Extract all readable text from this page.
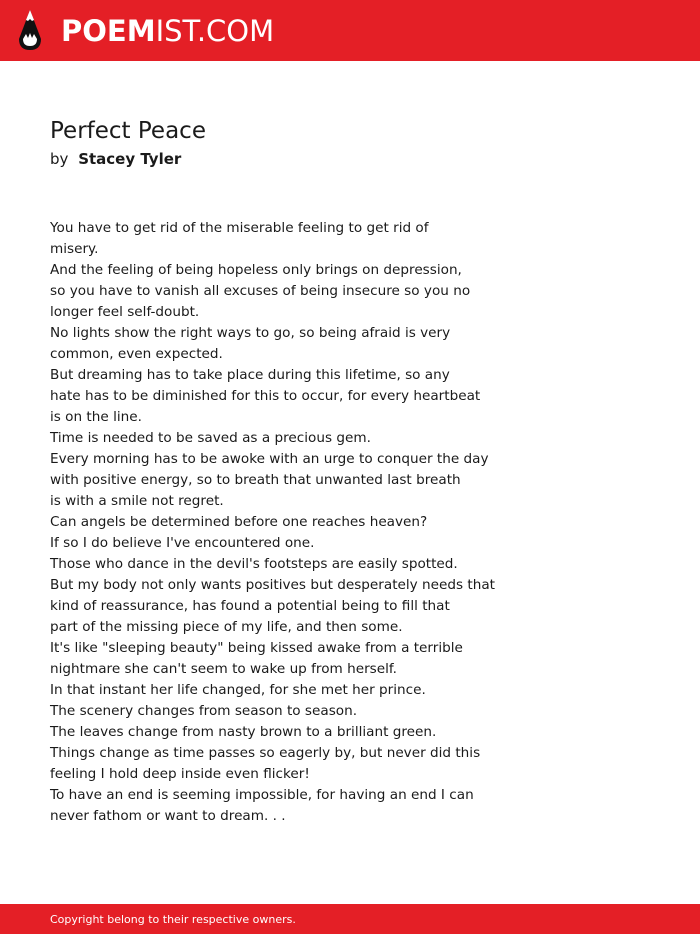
POEMIST.COM
Perfect Peace
by Stacey Tyler
You have to get rid of the miserable feeling to get rid of
misery.
And the feeling of being hopeless only brings on depression,
so you have to vanish all excuses of being insecure so you no
longer feel self-doubt.
No lights show the right ways to go, so being afraid is very
common, even expected.
But dreaming has to take place during this lifetime, so any
hate has to be diminished for this to occur, for every heartbeat
is on the line.
Time is needed to be saved as a precious gem.
Every morning has to be awoke with an urge to conquer the day
with positive energy, so to breath that unwanted last breath
is with a smile not regret.
Can angels be determined before one reaches heaven?
If so I do believe I've encountered one.
Those who dance in the devil's footsteps are easily spotted.
But my body not only wants positives but desperately needs that
kind of reassurance, has found a potential being to fill that
part of the missing piece of my life, and then some.
It's like "sleeping beauty" being kissed awake from a terrible
nightmare she can't seem to wake up from herself.
In that instant her life changed, for she met her prince.
The scenery changes from season to season.
The leaves change from nasty brown to a brilliant green.
Things change as time passes so eagerly by, but never did this
feeling I hold deep inside even flicker!
To have an end is seeming impossible, for having an end I can
never fathom or want to dream. . .
Copyright belong to their respective owners.
